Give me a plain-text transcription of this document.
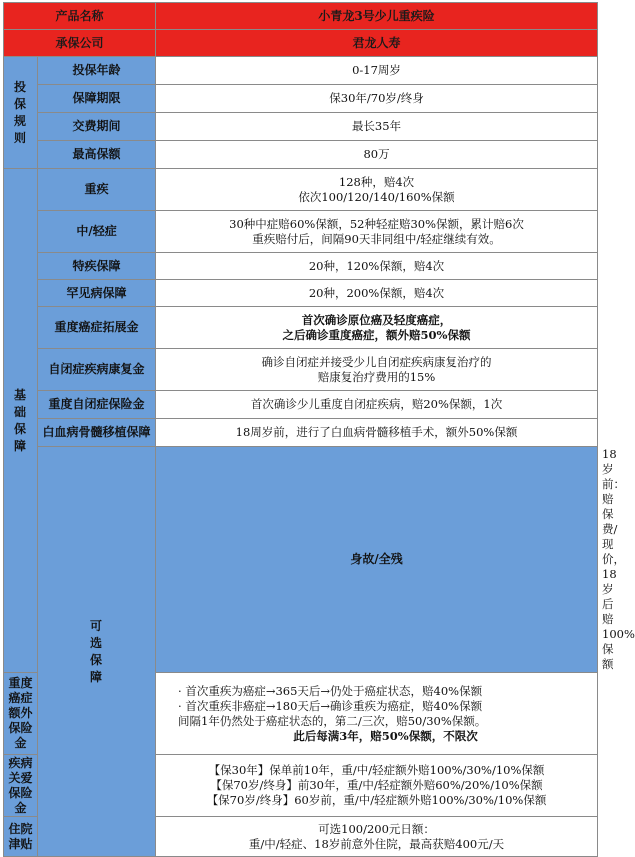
产品名称		小青龙3号少儿重疾险	
承保公司		君龙人寿	

投保规则	投保年龄	0-17周岁	
	保障期限	保30年/70岁/终身	
	交费期间	最长35年	
	最高保额	80万	

基础保障	重疾	128种，赔4次
依次100/120/140/160%保额	

	中/轻症	30种中症赔60%保额，52种轻症赔30%保额，累计赔6次
重疾赔付后，间隔90天非同组中/轻症继续有效。	

	特疾保障	20种，120%保额，赔4次	
	罕见病保障	20种，200%保额，赔4次	
	重度癌症拓展金	首次确诊原位癌及轻度癌症，
之后确诊重度癌症，额外赔50%保额	

	自闭症疾病康复金	确诊自闭症并接受少儿自闭症疾病康复治疗的
赔康复治疗费用的15%	

	重度自闭症保险金	首次确诊少儿重度自闭症疾病，赔20%保额，1次	
	白血病骨髓移植保障	18周岁前，进行了白血病骨髓移植手术，额外50%保额	

	可选保障	身故/全残	18岁前：赔保费/现价，18岁后赔100%保额
重度癌症额外保险金		· 首次重疾为癌症→365天后→仍处于癌症状态，赔40%保额
· 首次重疾非癌症→180天后→确诊重疾为癌症，赔40%保额
间隔1年仍然处于癌症状态的，第二/三次，赔50/30%保额。
此后每满3年，赔50%保额，不限次	

疾病关爱保险金		【保30年】保单前10年，重/中/轻症额外赔100%/30%/10%保额
【保70岁/终身】前30年，重/中/轻症额外赔60%/20%/10%保额
【保70岁/终身】60岁前，重/中/轻症额外赔100%/30%/10%保额	

住院津贴		可选100/200元日额：
重/中/轻症、18岁前意外住院，最高获赔400元/天	
